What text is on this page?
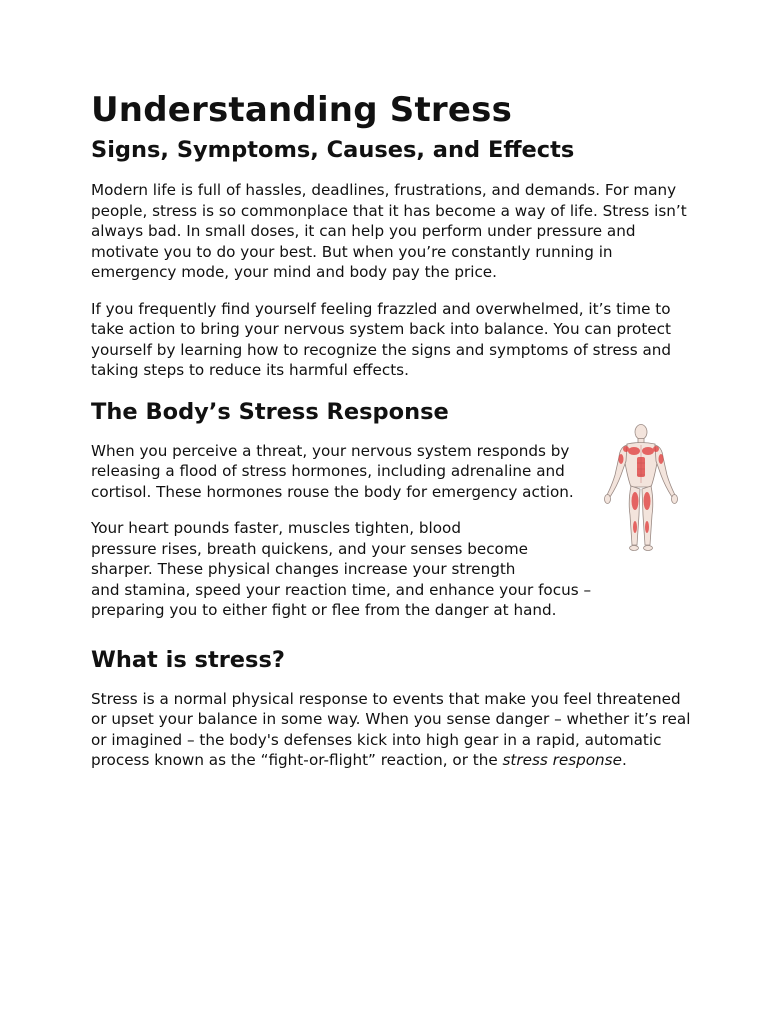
Understanding Stress
Signs, Symptoms, Causes, and Effects

Modern life is full of hassles, deadlines, frustrations, and demands. For many people, stress is so commonplace that it has become a way of life. Stress isn’t always bad. In small doses, it can help you perform under pressure and motivate you to do your best. But when you’re constantly running in emergency mode, your mind and body pay the price.

If you frequently find yourself feeling frazzled and overwhelmed, it’s time to take action to bring your nervous system back into balance. You can protect yourself by learning how to recognize the signs and symptoms of stress and taking steps to reduce its harmful effects.

The Body’s Stress Response

When you perceive a threat, your nervous system responds by releasing a flood of stress hormones, including adrenaline and cortisol. These hormones rouse the body for emergency action.

Your heart pounds faster, muscles tighten, blood
pressure rises, breath quickens, and your senses become
sharper. These physical changes increase your strength
and stamina, speed your reaction time, and enhance your focus –
preparing you to either fight or flee from the danger at hand.

What is stress?

Stress is a normal physical response to events that make you feel threatened or upset your balance in some way. When you sense danger – whether it’s real or imagined – the body's defenses kick into high gear in a rapid, automatic process known as the “fight-or-flight” reaction, or the stress response.
